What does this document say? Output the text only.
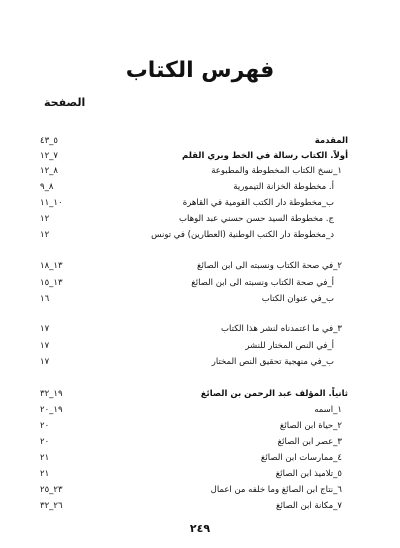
فهرس الكتاب
الصفحة
المقدمة
٥_٤٣
أولاً. الكتاب رسالة في الخط وبري القلم
٧_١٢
١_نسخ الكتاب المخطوطة والمطبوعة
٨_١٢
أ. مخطوطة الخزانة التيمورية
٨_٩
ب_مخطوطة دار الكتب القومية في القاهرة
١٠_١١
ج. مخطوطة السيد حسن حسني عبد الوهاب
١٢
د_مخطوطة دار الكتب الوطنية (العطارين) في تونس
١٢
٢_في صحة الكتاب ونسبته الى ابن الصائغ
١٣_١٨
أ_في صحة الكتاب ونسبته الى ابن الصائغ
١٣_١٥
ب_في عنوان الكتاب
١٦
٣_في ما اعتمدناه لنشر هذا الكتاب
١٧
أ_في النص المختار للنشر
١٧
ب_في منهجية تحقيق النص المختار
١٧
ثانياً. المؤلف عبد الرحمن بن الصائغ
١٩_٣٢
١_اسمه
١٩_٢٠
٢_حياة ابن الصائغ
٢٠
٣_عصر ابن الصائغ
٢٠
٤_ممارسات ابن الصائغ
٢١
٥_تلاميذ ابن الصائغ
٢١
٦_نتاج ابن الصائغ وما خلفه من اعمال
٢٣_٢٥
٧_مكانة ابن الصائغ
٢٦_٣٢
٢٤٩
